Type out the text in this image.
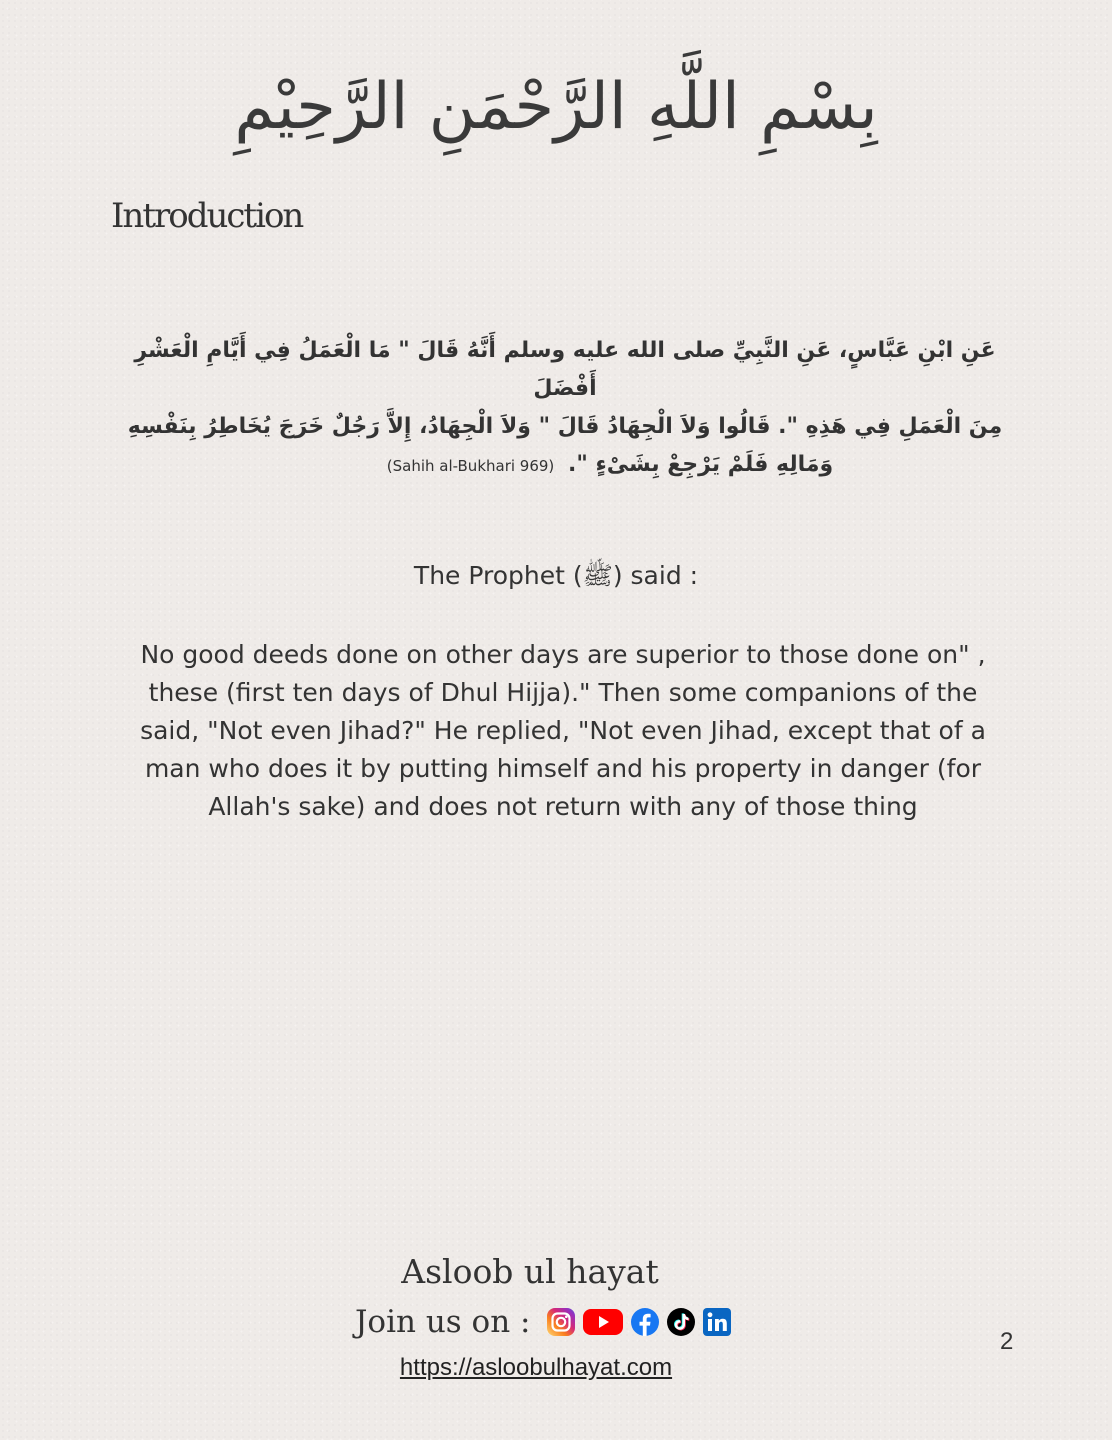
بِسْمِ اللَّهِ الرَّحْمَنِ الرَّحِيْمِ
Introduction
عَنِ ابْنِ عَبَّاسٍ، عَنِ النَّبِيِّ صلى الله عليه وسلم أَنَّهُ قَالَ " مَا الْعَمَلُ فِي أَيَّامِ الْعَشْرِ أَفْضَلَ
مِنَ الْعَمَلِ فِي هَذِهِ ". قَالُوا وَلاَ الْجِهَادُ قَالَ " وَلاَ الْجِهَادُ، إِلاَّ رَجُلٌ خَرَجَ يُخَاطِرُ بِنَفْسِهِ
وَمَالِهِ فَلَمْ يَرْجِعْ بِشَىْءٍ ". (Sahih al-Bukhari 969)
The Prophet (ﷺ) said :
No good deeds done on other days are superior to those done on" ,
these (first ten days of Dhul Hijja)." Then some companions of the
said, "Not even Jihad?" He replied, "Not even Jihad, except that of a
man who does it by putting himself and his property in danger (for
Allah's sake) and does not return with any of those thing
Asloob ul hayat
Join us on :
https://asloobulhayat.com
2
